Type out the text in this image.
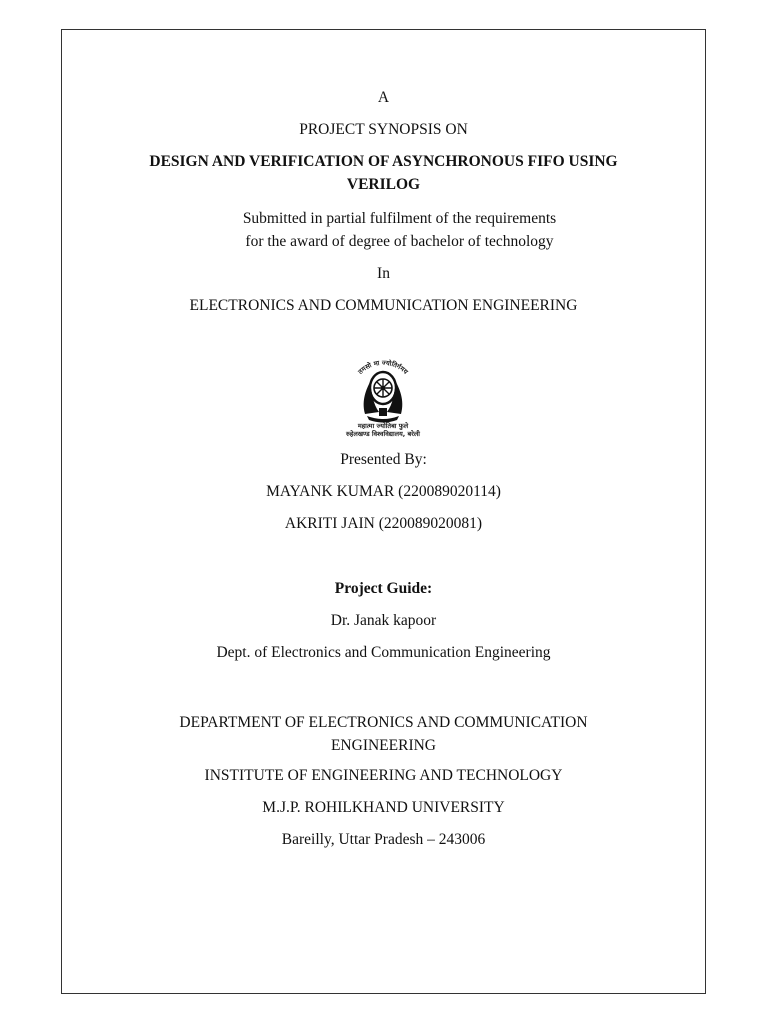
A
PROJECT SYNOPSIS ON
DESIGN AND VERIFICATION OF ASYNCHRONOUS FIFO USING
VERILOG
Submitted in partial fulfilment of the requirements
for the award of degree of bachelor of technology
In
ELECTRONICS AND COMMUNICATION ENGINEERING
तमसो मा ज्योतिर्गमय
महात्मा ज्योतिबा फुले
रुहेलखण्ड विश्वविद्यालय, बरेली
Presented By:
MAYANK KUMAR (220089020114)
AKRITI JAIN (220089020081)
Project Guide:
Dr. Janak kapoor
Dept. of Electronics and Communication Engineering
DEPARTMENT OF ELECTRONICS AND COMMUNICATION
ENGINEERING
INSTITUTE OF ENGINEERING AND TECHNOLOGY
M.J.P. ROHILKHAND UNIVERSITY
Bareilly, Uttar Pradesh – 243006
